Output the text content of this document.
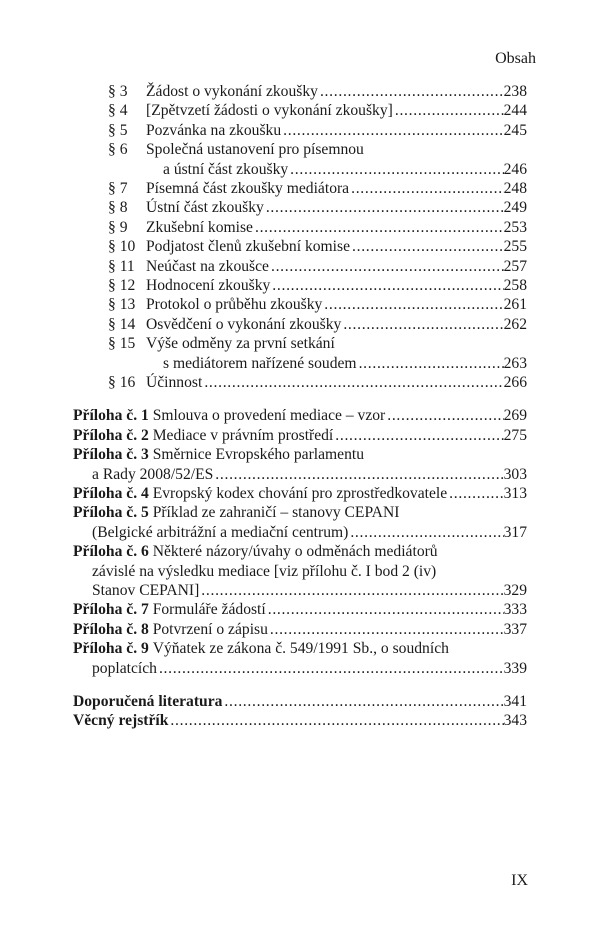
Obsah
§ 3 Žádost o vykonání zkoušky . . .	238
§ 4 [Zpětvzetí žádosti o vykonání zkoušky] . . .	244
§ 5 Pozvánka na zkoušku . . .	245
§ 6 Společná ustanovení pro písemnou
a ústní část zkoušky . . .	246
§ 7 Písemná část zkoušky mediátora . . .	248
§ 8 Ústní část zkoušky . . .	249
§ 9 Zkušební komise . . .	253
§ 10 Podjatost členů zkušební komise . . .	255
§ 11 Neúčast na zkoušce . . .	257
§ 12 Hodnocení zkoušky . . .	258
§ 13 Protokol o průběhu zkoušky . . .	261
§ 14 Osvědčení o vykonání zkoušky . . .	262
§ 15 Výše odměny za první setkání
s mediátorem nařízené soudem . . .	263
§ 16 Účinnost . . .	266
Příloha č. 1 Smlouva o provedení mediace – vzor . . .	269
Příloha č. 2 Mediace v právním prostředí . . .	275
Příloha č. 3 Směrnice Evropského parlamentu
a Rady 2008/52/ES . . .	303
Příloha č. 4 Evropský kodex chování pro zprostředkovatele . . .	313
Příloha č. 5 Příklad ze zahraničí – stanovy CEPANI
(Belgické arbitrážní a mediační centrum) . . .	317
Příloha č. 6 Některé názory/úvahy o odměnách mediátorů
závislé na výsledku mediace [viz přílohu č. I bod 2 (iv)
Stanov CEPANI] . . .	329
Příloha č. 7 Formuláře žádostí . . .	333
Příloha č. 8 Potvrzení o zápisu . . .	337
Příloha č. 9 Výňatek ze zákona č. 549/1991 Sb., o soudních
poplatcích . . .	339
Doporučená literatura . . .	341
Věcný rejstřík . . .	343
IX
